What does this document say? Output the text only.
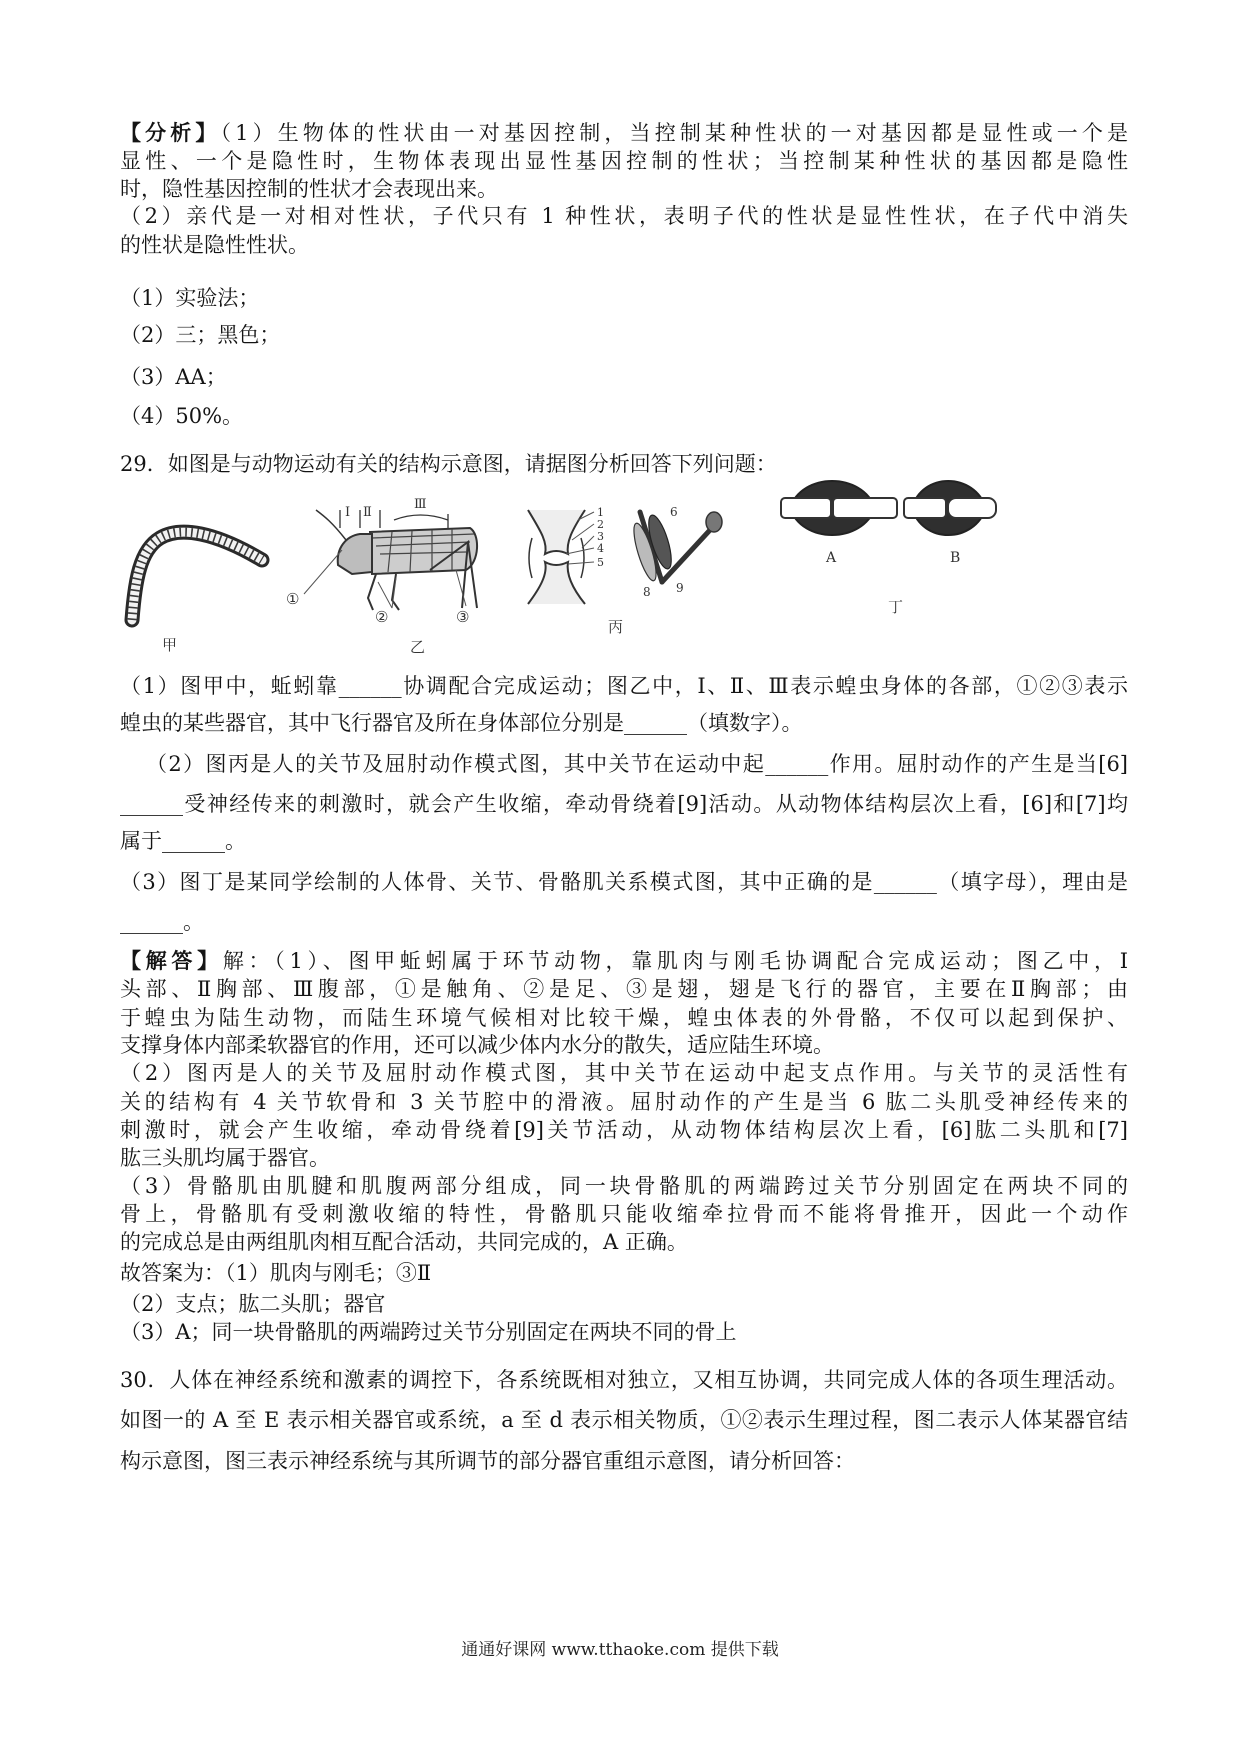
【分析】（1）生物体的性状由一对基因控制，当控制某种性状的一对基因都是显性或一个是
显性、一个是隐性时，生物体表现出显性基因控制的性状；当控制某种性状的基因都是隐性
时，隐性基因控制的性状才会表现出来。
（2）亲代是一对相对性状，子代只有 1 种性状，表明子代的性状是显性性状，在子代中消失
的性状是隐性性状。
（1）实验法；
（2）三；黑色；
（3）AA；
（4）50%。
29．如图是与动物运动有关的结构示意图，请据图分析回答下列问题：
甲
Ⅰ Ⅱ
Ⅲ
①
②	③
乙
1
2
3
4
5
6
8 9
丙
A	B
丁
（1）图甲中，蚯蚓靠______协调配合完成运动；图乙中，Ⅰ、Ⅱ、Ⅲ表示蝗虫身体的各部，①②③表示
蝗虫的某些器官，其中飞行器官及所在身体部位分别是______（填数字）。
（2）图丙是人的关节及屈肘动作模式图，其中关节在运动中起______作用。屈肘动作的产生是当[6]
______受神经传来的刺激时，就会产生收缩，牵动骨绕着[9]活动。从动物体结构层次上看，[6]和[7]均
属于______。
（3）图丁是某同学绘制的人体骨、关节、骨骼肌关系模式图，其中正确的是______（填字母），理由是
______。
【解答】解：（1）、图甲蚯蚓属于环节动物，靠肌肉与刚毛协调配合完成运动；图乙中，Ⅰ
头部、Ⅱ胸部、Ⅲ腹部，①是触角、②是足、③是翅，翅是飞行的器官，主要在Ⅱ胸部；由
于蝗虫为陆生动物，而陆生环境气候相对比较干燥，蝗虫体表的外骨骼，不仅可以起到保护、
支撑身体内部柔软器官的作用，还可以减少体内水分的散失，适应陆生环境。
（2）图丙是人的关节及屈肘动作模式图，其中关节在运动中起支点作用。与关节的灵活性有
关的结构有 4 关节软骨和 3 关节腔中的滑液。屈肘动作的产生是当 6 肱二头肌受神经传来的
刺激时，就会产生收缩，牵动骨绕着[9]关节活动，从动物体结构层次上看，[6]肱二头肌和[7]
肱三头肌均属于器官。
（3）骨骼肌由肌腱和肌腹两部分组成，同一块骨骼肌的两端跨过关节分别固定在两块不同的
骨上，骨骼肌有受刺激收缩的特性，骨骼肌只能收缩牵拉骨而不能将骨推开，因此一个动作
的完成总是由两组肌肉相互配合活动，共同完成的，A 正确。
故答案为：（1）肌肉与刚毛；③Ⅱ
（2）支点；肱二头肌；器官
（3）A；同一块骨骼肌的两端跨过关节分别固定在两块不同的骨上
30．人体在神经系统和激素的调控下，各系统既相对独立，又相互协调，共同完成人体的各项生理活动。
如图一的 A 至 E 表示相关器官或系统，a 至 d 表示相关物质，①②表示生理过程，图二表示人体某器官结
构示意图，图三表示神经系统与其所调节的部分器官重组示意图，请分析回答：
通通好课网 www.tthaoke.com 提供下载
